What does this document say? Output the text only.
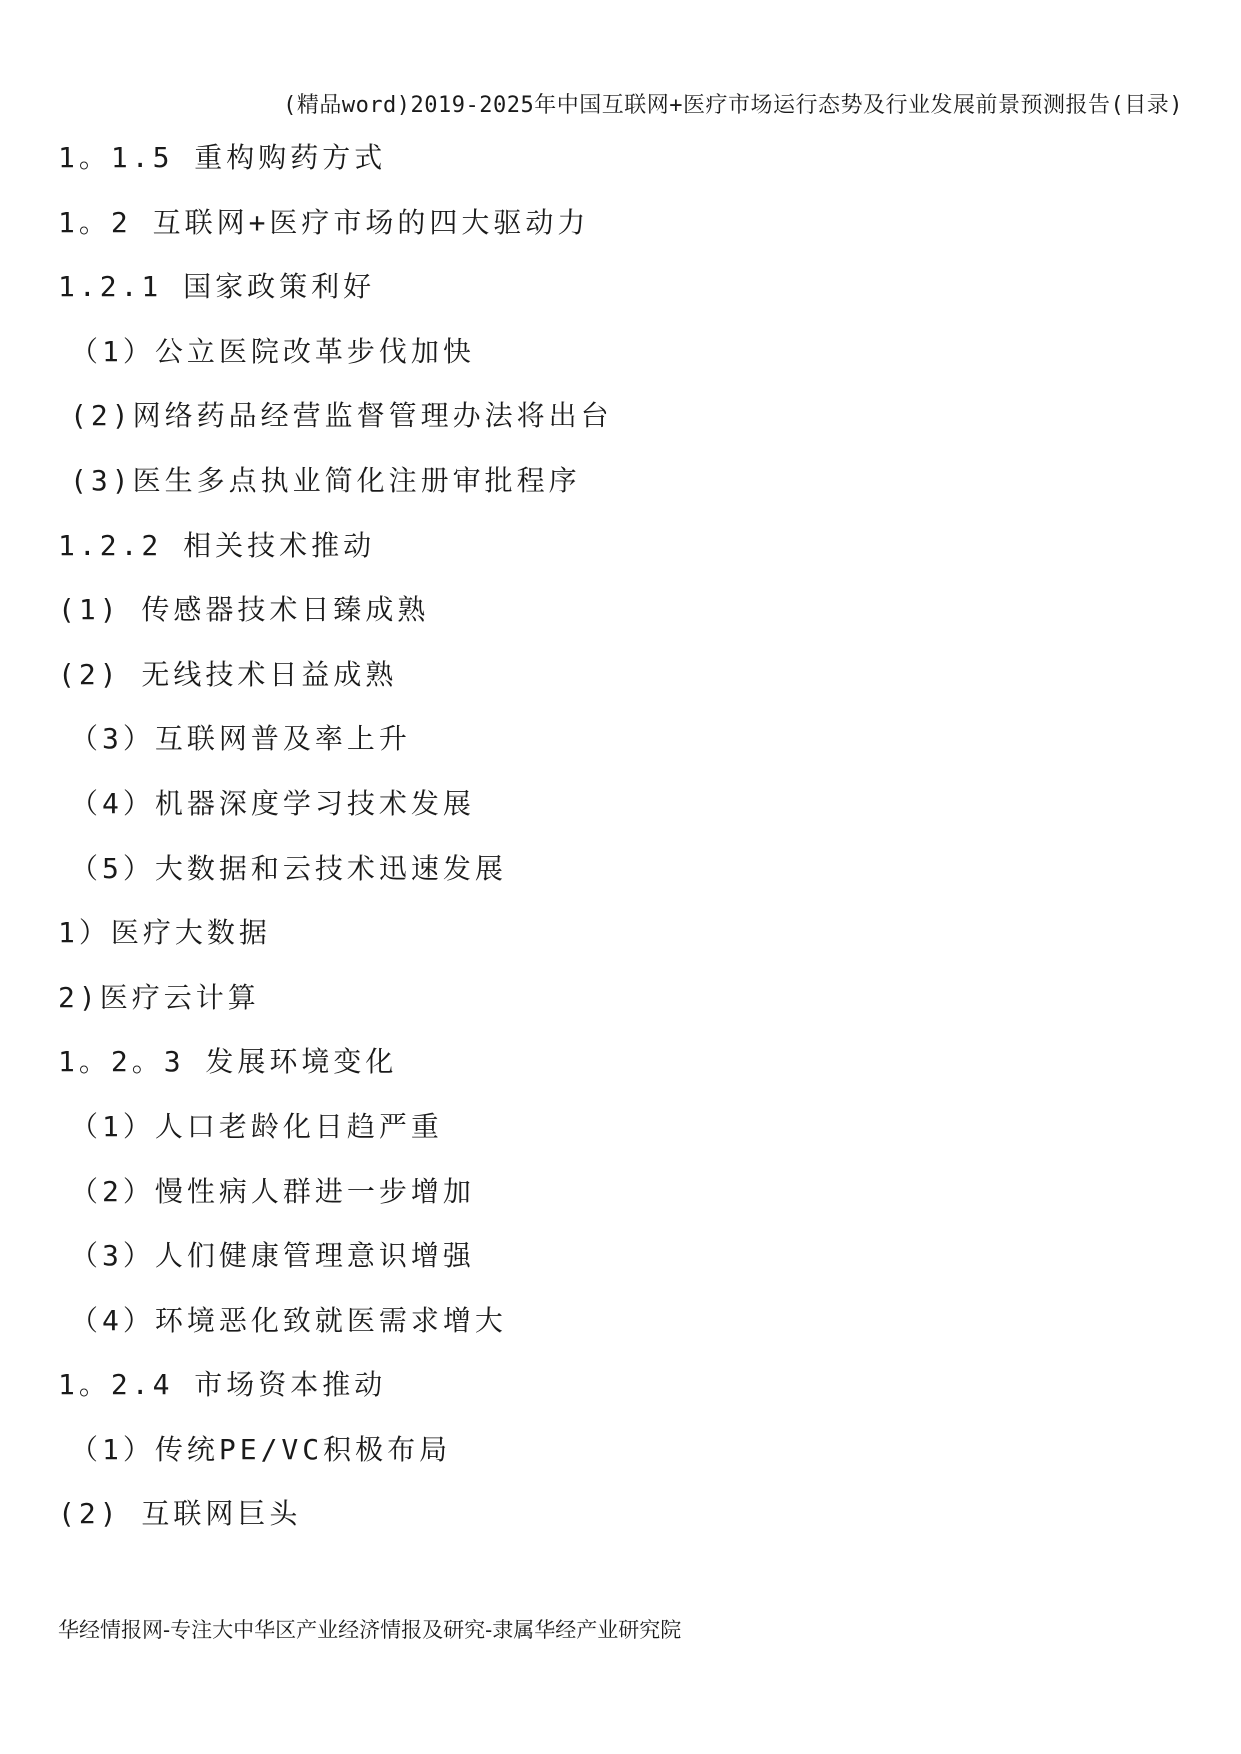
(精品word)2019-2025年中国互联网+医疗市场运行态势及行业发展前景预测报告(目录)
1。1.5 重构购药方式
1。2 互联网+医疗市场的四大驱动力
1.2.1 国家政策利好
（1）公立医院改革步伐加快
(2)网络药品经营监督管理办法将出台
(3)医生多点执业简化注册审批程序
1.2.2 相关技术推动
(1) 传感器技术日臻成熟
(2) 无线技术日益成熟
（3）互联网普及率上升
（4）机器深度学习技术发展
（5）大数据和云技术迅速发展
1）医疗大数据
2)医疗云计算
1。2。3 发展环境变化
（1）人口老龄化日趋严重
（2）慢性病人群进一步增加
（3）人们健康管理意识增强
（4）环境恶化致就医需求增大
1。2.4 市场资本推动
（1）传统PE/VC积极布局
(2) 互联网巨头
华经情报网-专注大中华区产业经济情报及研究-隶属华经产业研究院
